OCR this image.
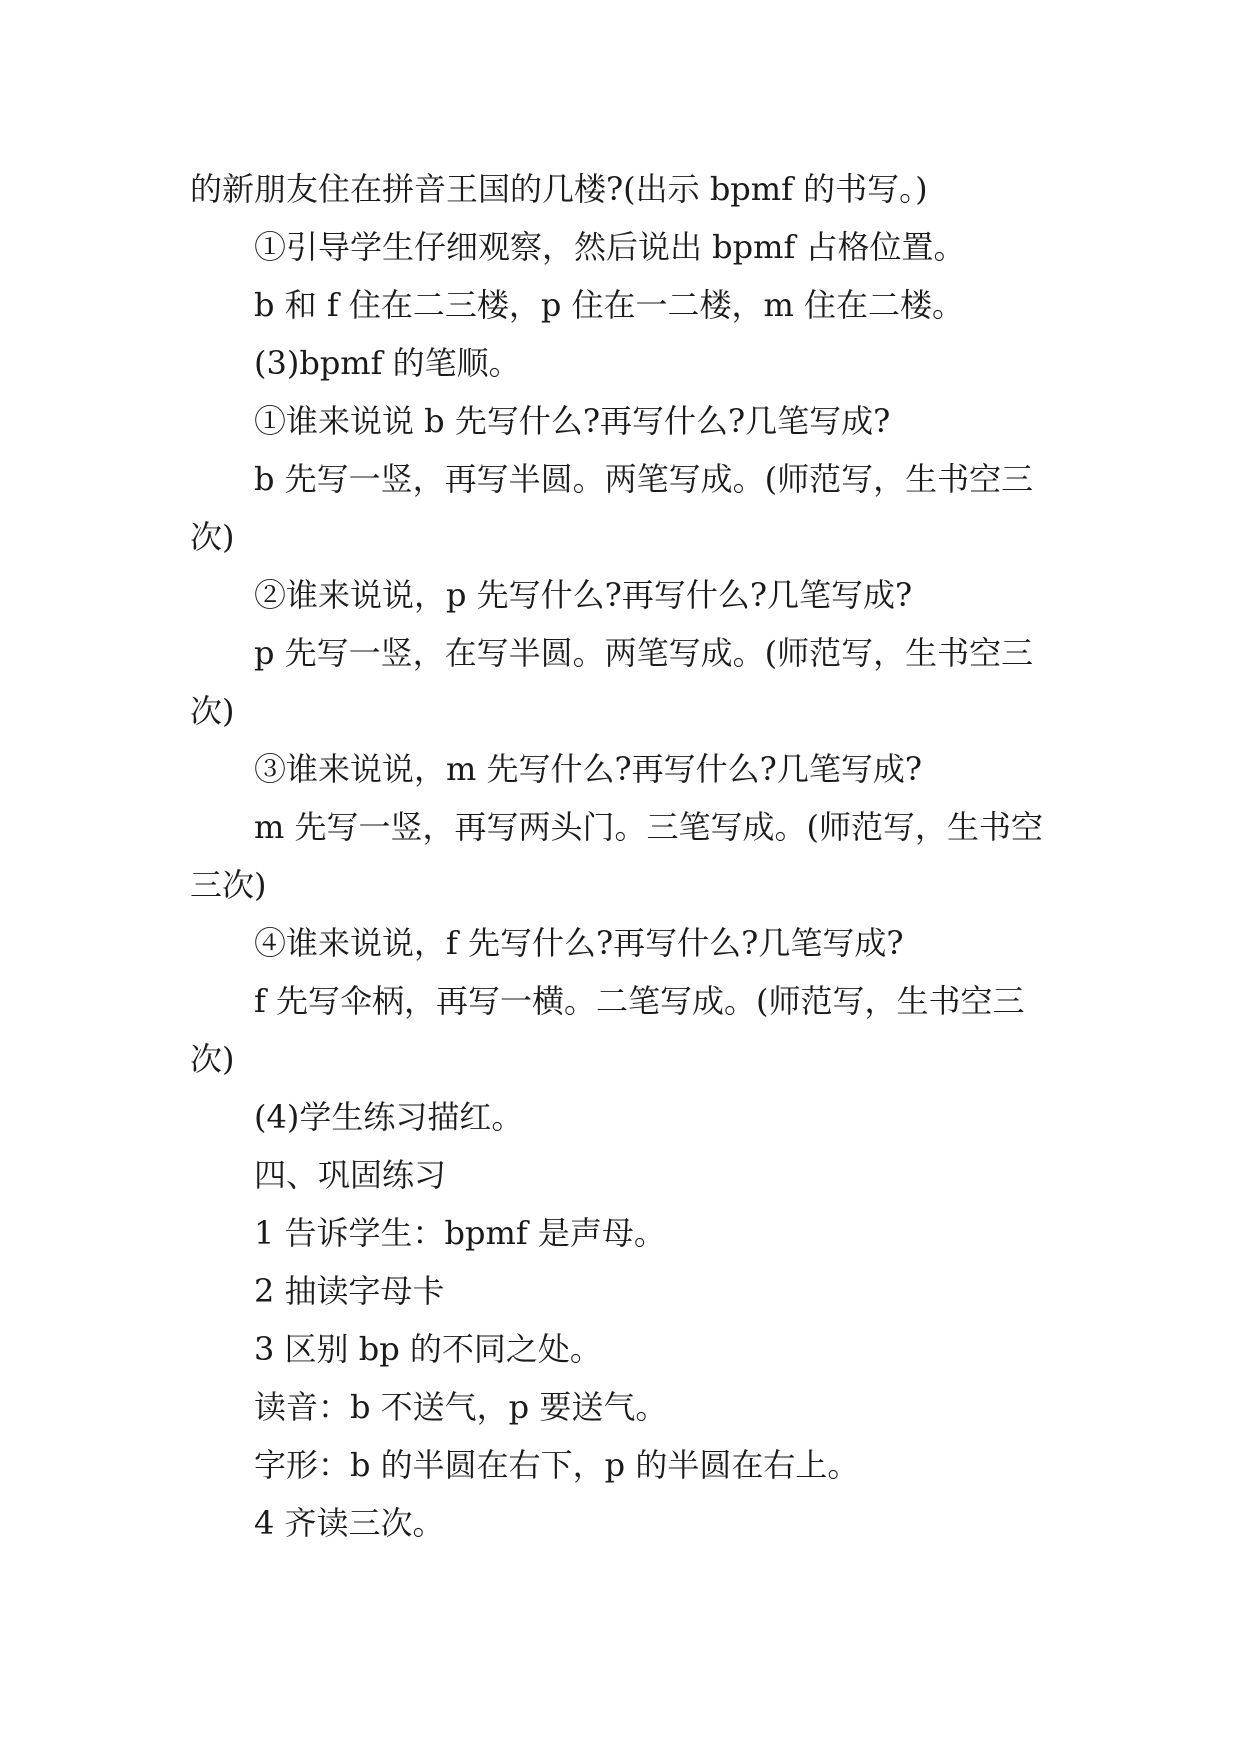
的新朋友住在拼音王国的几楼?(出示 bpmf 的书写。)
①引导学生仔细观察，然后说出 bpmf 占格位置。
b 和 f 住在二三楼，p 住在一二楼，m 住在二楼。
(3)bpmf 的笔顺。
①谁来说说 b 先写什么?再写什么?几笔写成?
b 先写一竖，再写半圆。两笔写成。(师范写，生书空三
次)
②谁来说说，p 先写什么?再写什么?几笔写成?
p 先写一竖，在写半圆。两笔写成。(师范写，生书空三
次)
③谁来说说，m 先写什么?再写什么?几笔写成?
m 先写一竖，再写两头门。三笔写成。(师范写，生书空
三次)
④谁来说说，f 先写什么?再写什么?几笔写成?
f 先写伞柄，再写一横。二笔写成。(师范写，生书空三
次)
(4)学生练习描红。
四、巩固练习
1 告诉学生：bpmf 是声母。
2 抽读字母卡
3 区别 bp 的不同之处。
读音：b 不送气，p 要送气。
字形：b 的半圆在右下，p 的半圆在右上。
4 齐读三次。
